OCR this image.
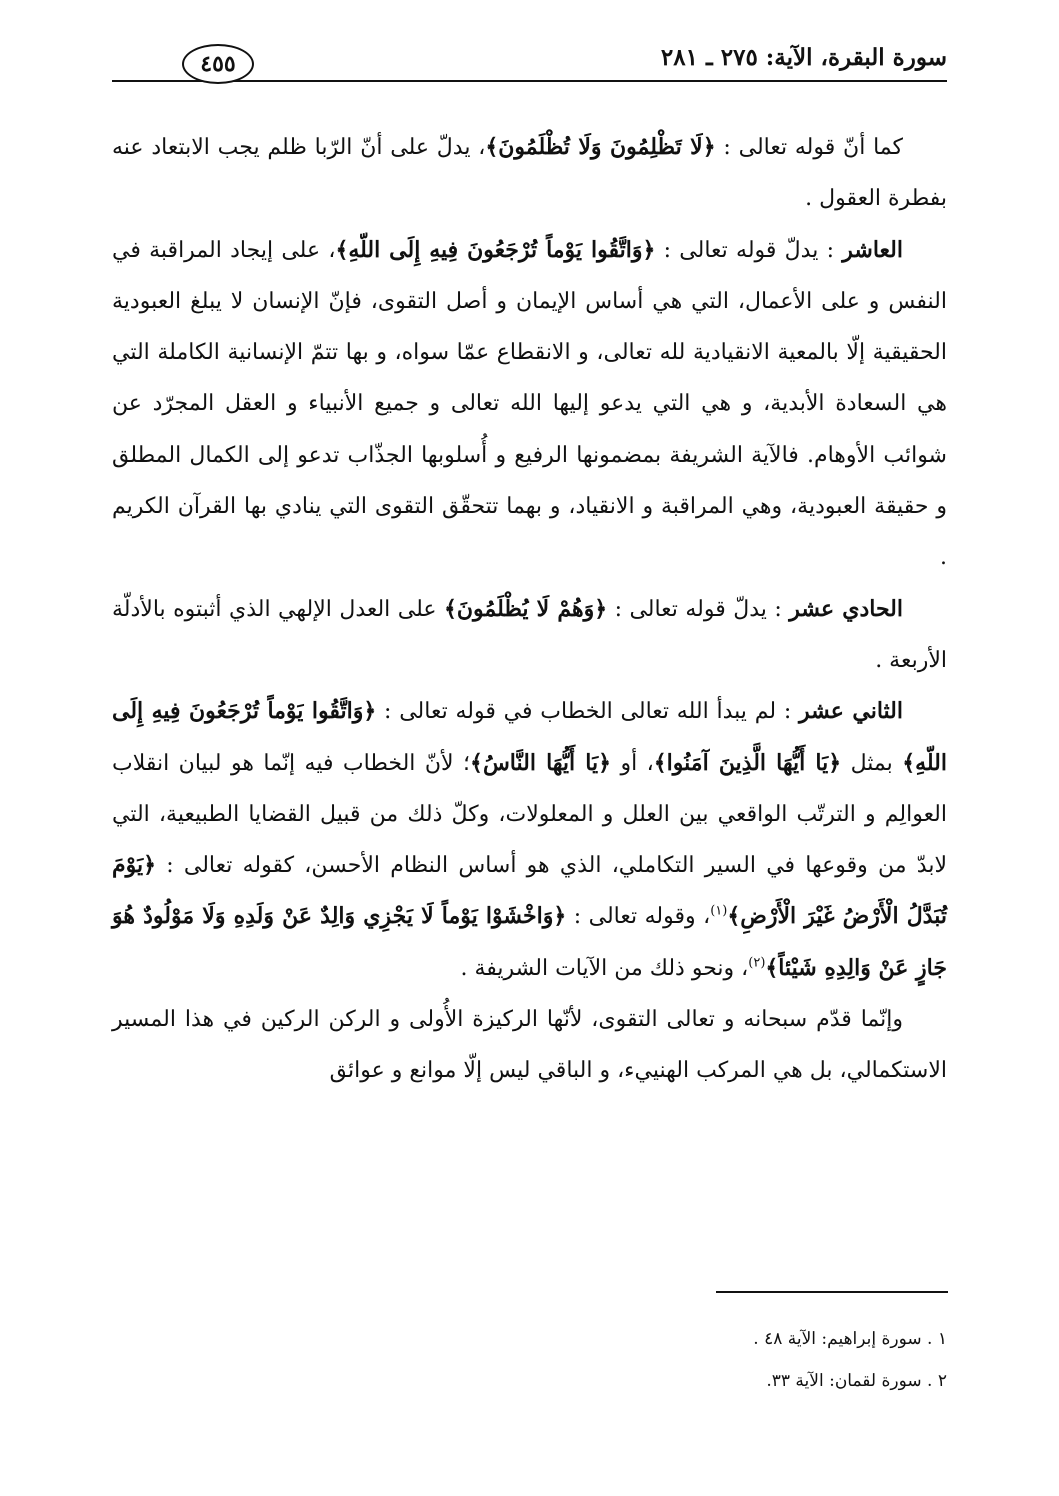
سورة البقرة، الآية: ٢٧٥ ـ ٢٨١
٤٥٥

كما أنّ قوله تعالى : ﴿لَا تَظْلِمُونَ وَلَا تُظْلَمُونَ﴾، يدلّ على أنّ الرّبا ظلم يجب الابتعاد عنه بفطرة العقول .

العاشر : يدلّ قوله تعالى : ﴿وَاتَّقُوا يَوْماً تُرْجَعُونَ فِيهِ إِلَى اللّهِ﴾، على إيجاد المراقبة في النفس و على الأعمال، التي هي أساس الإيمان و أصل التقوى، فإنّ الإنسان لا يبلغ العبودية الحقيقية إلّا بالمعية الانقيادية لله تعالى، و الانقطاع عمّا سواه، و بها تتمّ الإنسانية الكاملة التي هي السعادة الأبدية، و هي التي يدعو إليها الله تعالى و جميع الأنبياء و العقل المجرّد عن شوائب الأوهام. فالآية الشريفة بمضمونها الرفيع و أُسلوبها الجذّاب تدعو إلى الكمال المطلق و حقيقة العبودية، وهي المراقبة و الانقياد، و بهما تتحقّق التقوى التي ينادي بها القرآن الكريم .

الحادي عشر : يدلّ قوله تعالى : ﴿وَهُمْ لَا يُظْلَمُونَ﴾ على العدل الإلهي الذي أثبتوه بالأدلّة الأربعة .

الثاني عشر : لم يبدأ الله تعالى الخطاب في قوله تعالى : ﴿وَاتَّقُوا يَوْماً تُرْجَعُونَ فِيهِ إِلَى اللّهِ﴾ بمثل ﴿يَا أَيُّهَا الَّذِينَ آمَنُوا﴾، أو ﴿يَا أَيُّهَا النَّاسُ﴾؛ لأنّ الخطاب فيه إنّما هو لبيان انقلاب العوالِم و الترتّب الواقعي بين العلل و المعلولات، وكلّ ذلك من قبيل القضايا الطبيعية، التي لابدّ من وقوعها في السير التكاملي، الذي هو أساس النظام الأحسن، كقوله تعالى : ﴿يَوْمَ تُبَدَّلُ الْأَرْضُ غَيْرَ الْأَرْضِ﴾$^{(١)}$، وقوله تعالى : ﴿وَاخْشَوْا يَوْماً لَا يَجْزِي وَالِدٌ عَنْ وَلَدِهِ وَلَا مَوْلُودٌ هُوَ جَازٍ عَنْ وَالِدِهِ شَيْئاً﴾$^{(٢)}$، ونحو ذلك من الآيات الشريفة .

وإنّما قدّم سبحانه و تعالى التقوى، لأنّها الركيزة الأُولى و الركن الركين في هذا المسير الاستكمالي، بل هي المركب الهنييء، و الباقي ليس إلّا موانع و عوائق

١ . سورة إبراهيم: الآية ٤٨ .
٢ . سورة لقمان: الآية ٣٣.
